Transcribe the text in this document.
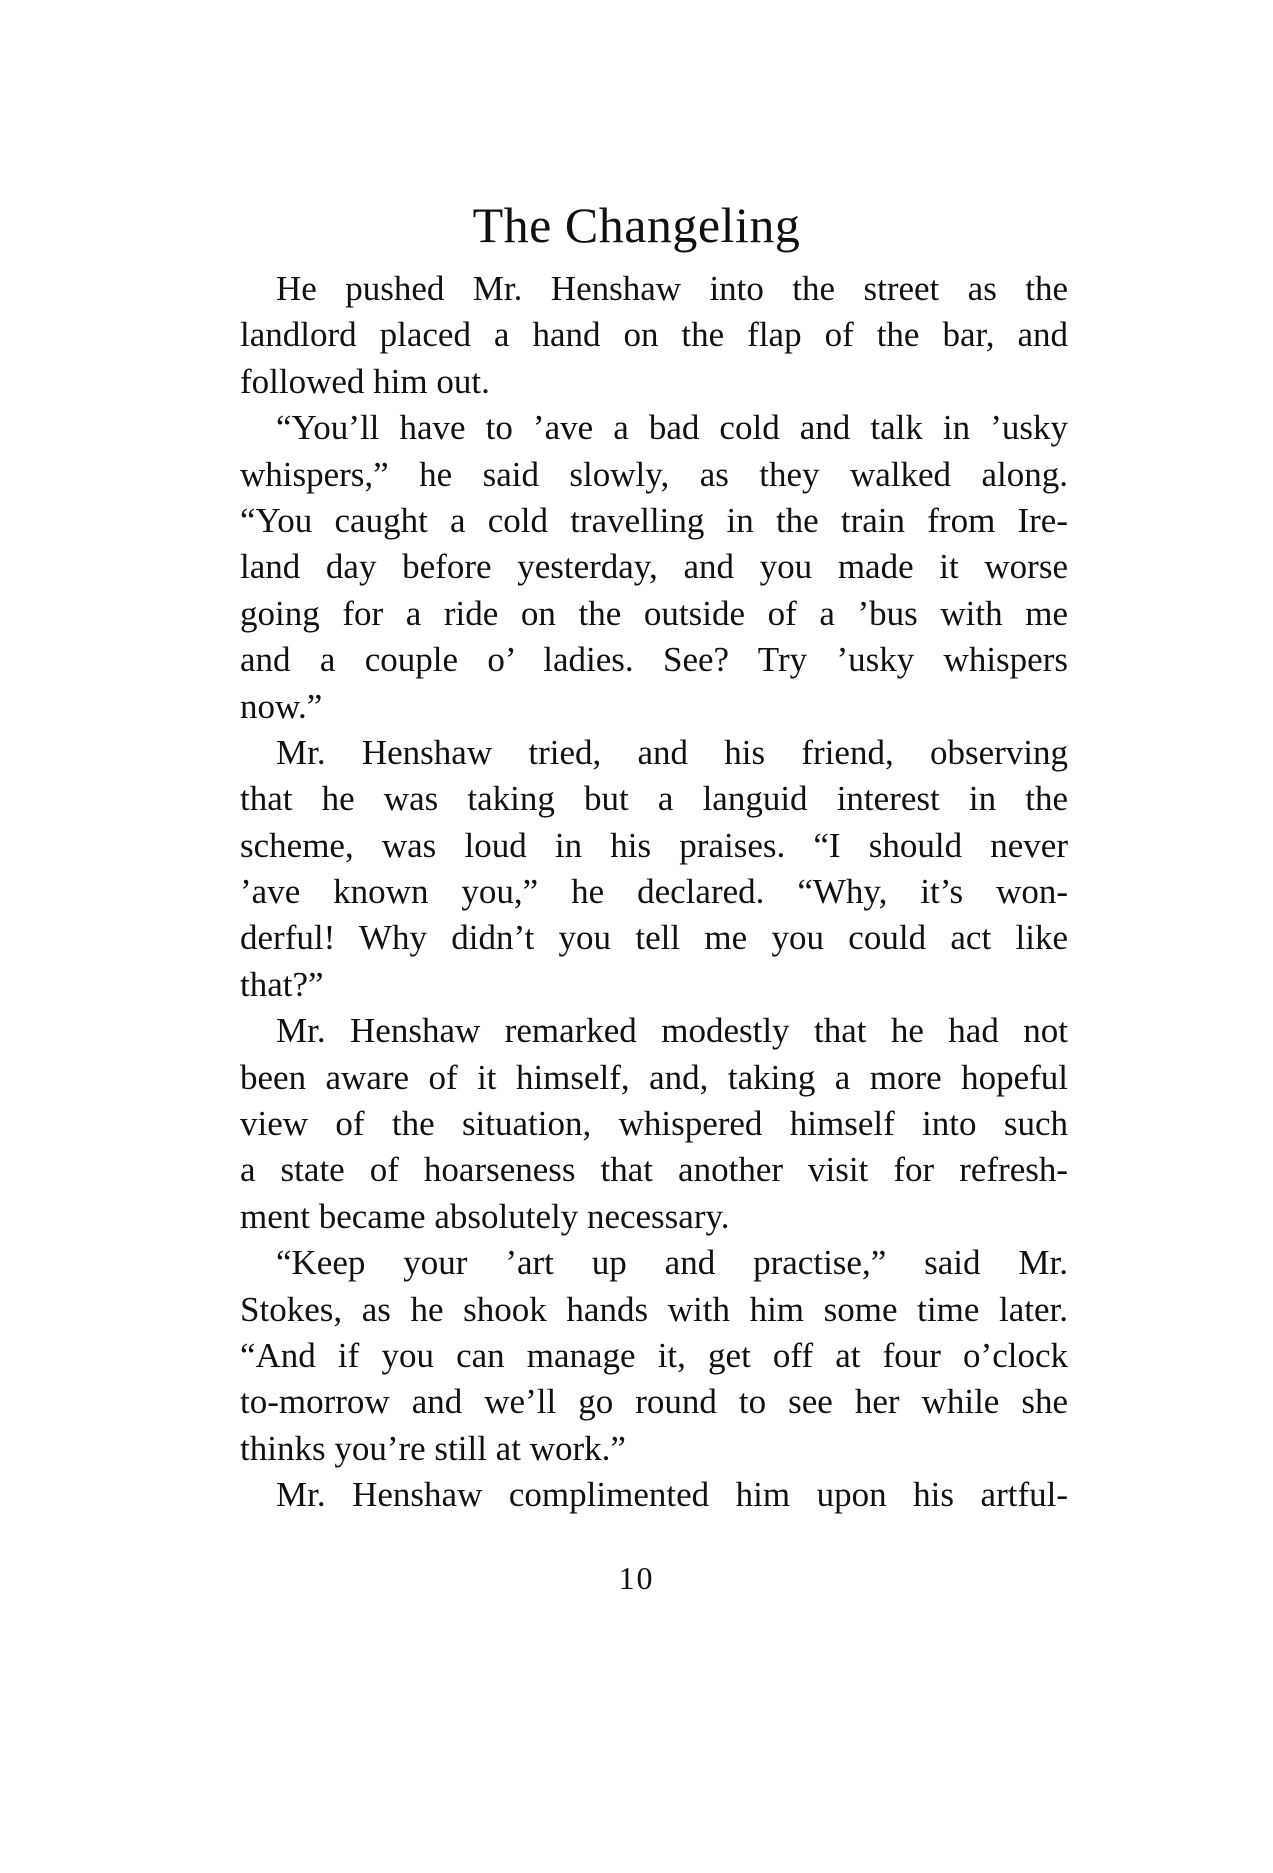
The Changeling
He pushed Mr. Henshaw into the street as the
landlord placed a hand on the flap of the bar, and
followed him out.
“You’ll have to ’ave a bad cold and talk in ’usky
whispers,” he said slowly, as they walked along.
“You caught a cold travelling in the train from Ire-
land day before yesterday, and you made it worse
going for a ride on the outside of a ’bus with me
and a couple o’ ladies. See? Try ’usky whispers
now.”
Mr. Henshaw tried, and his friend, observing
that he was taking but a languid interest in the
scheme, was loud in his praises. “I should never
’ave known you,” he declared. “Why, it’s won-
derful! Why didn’t you tell me you could act like
that?”
Mr. Henshaw remarked modestly that he had not
been aware of it himself, and, taking a more hopeful
view of the situation, whispered himself into such
a state of hoarseness that another visit for refresh-
ment became absolutely necessary.
“Keep your ’art up and practise,” said Mr.
Stokes, as he shook hands with him some time later.
“And if you can manage it, get off at four o’clock
to-morrow and we’ll go round to see her while she
thinks you’re still at work.”
Mr. Henshaw complimented him upon his artful-
10
